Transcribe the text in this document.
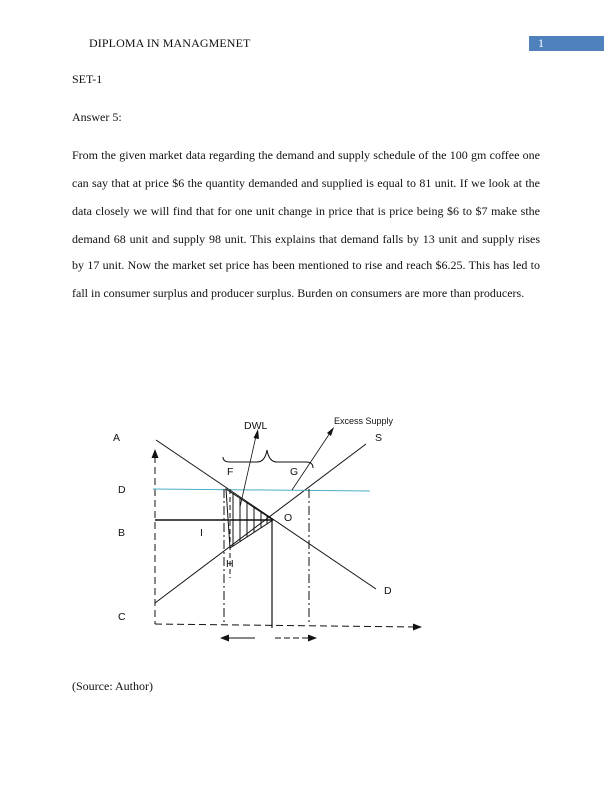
DIPLOMA IN MANAGMENET	1
SET-1
Answer 5:
From the given market data regarding the demand and supply schedule of the 100 gm coffee one
can say that at price $6 the quantity demanded and supplied is equal to 81 unit. If we look at the
data closely we will find that for one unit change in price that is price being $6 to $7 make sthe
demand 68 unit and supply 98 unit. This explains that demand falls by 13 unit and supply rises
by 17 unit. Now the market set price has been mentioned to rise and reach $6.25. This has led to
fall in consumer surplus and producer surplus. Burden on consumers are more than producers.
A
D
B
C
I
H
F	G
O
DWL	Excess Supply
S
D
(Source: Author)
